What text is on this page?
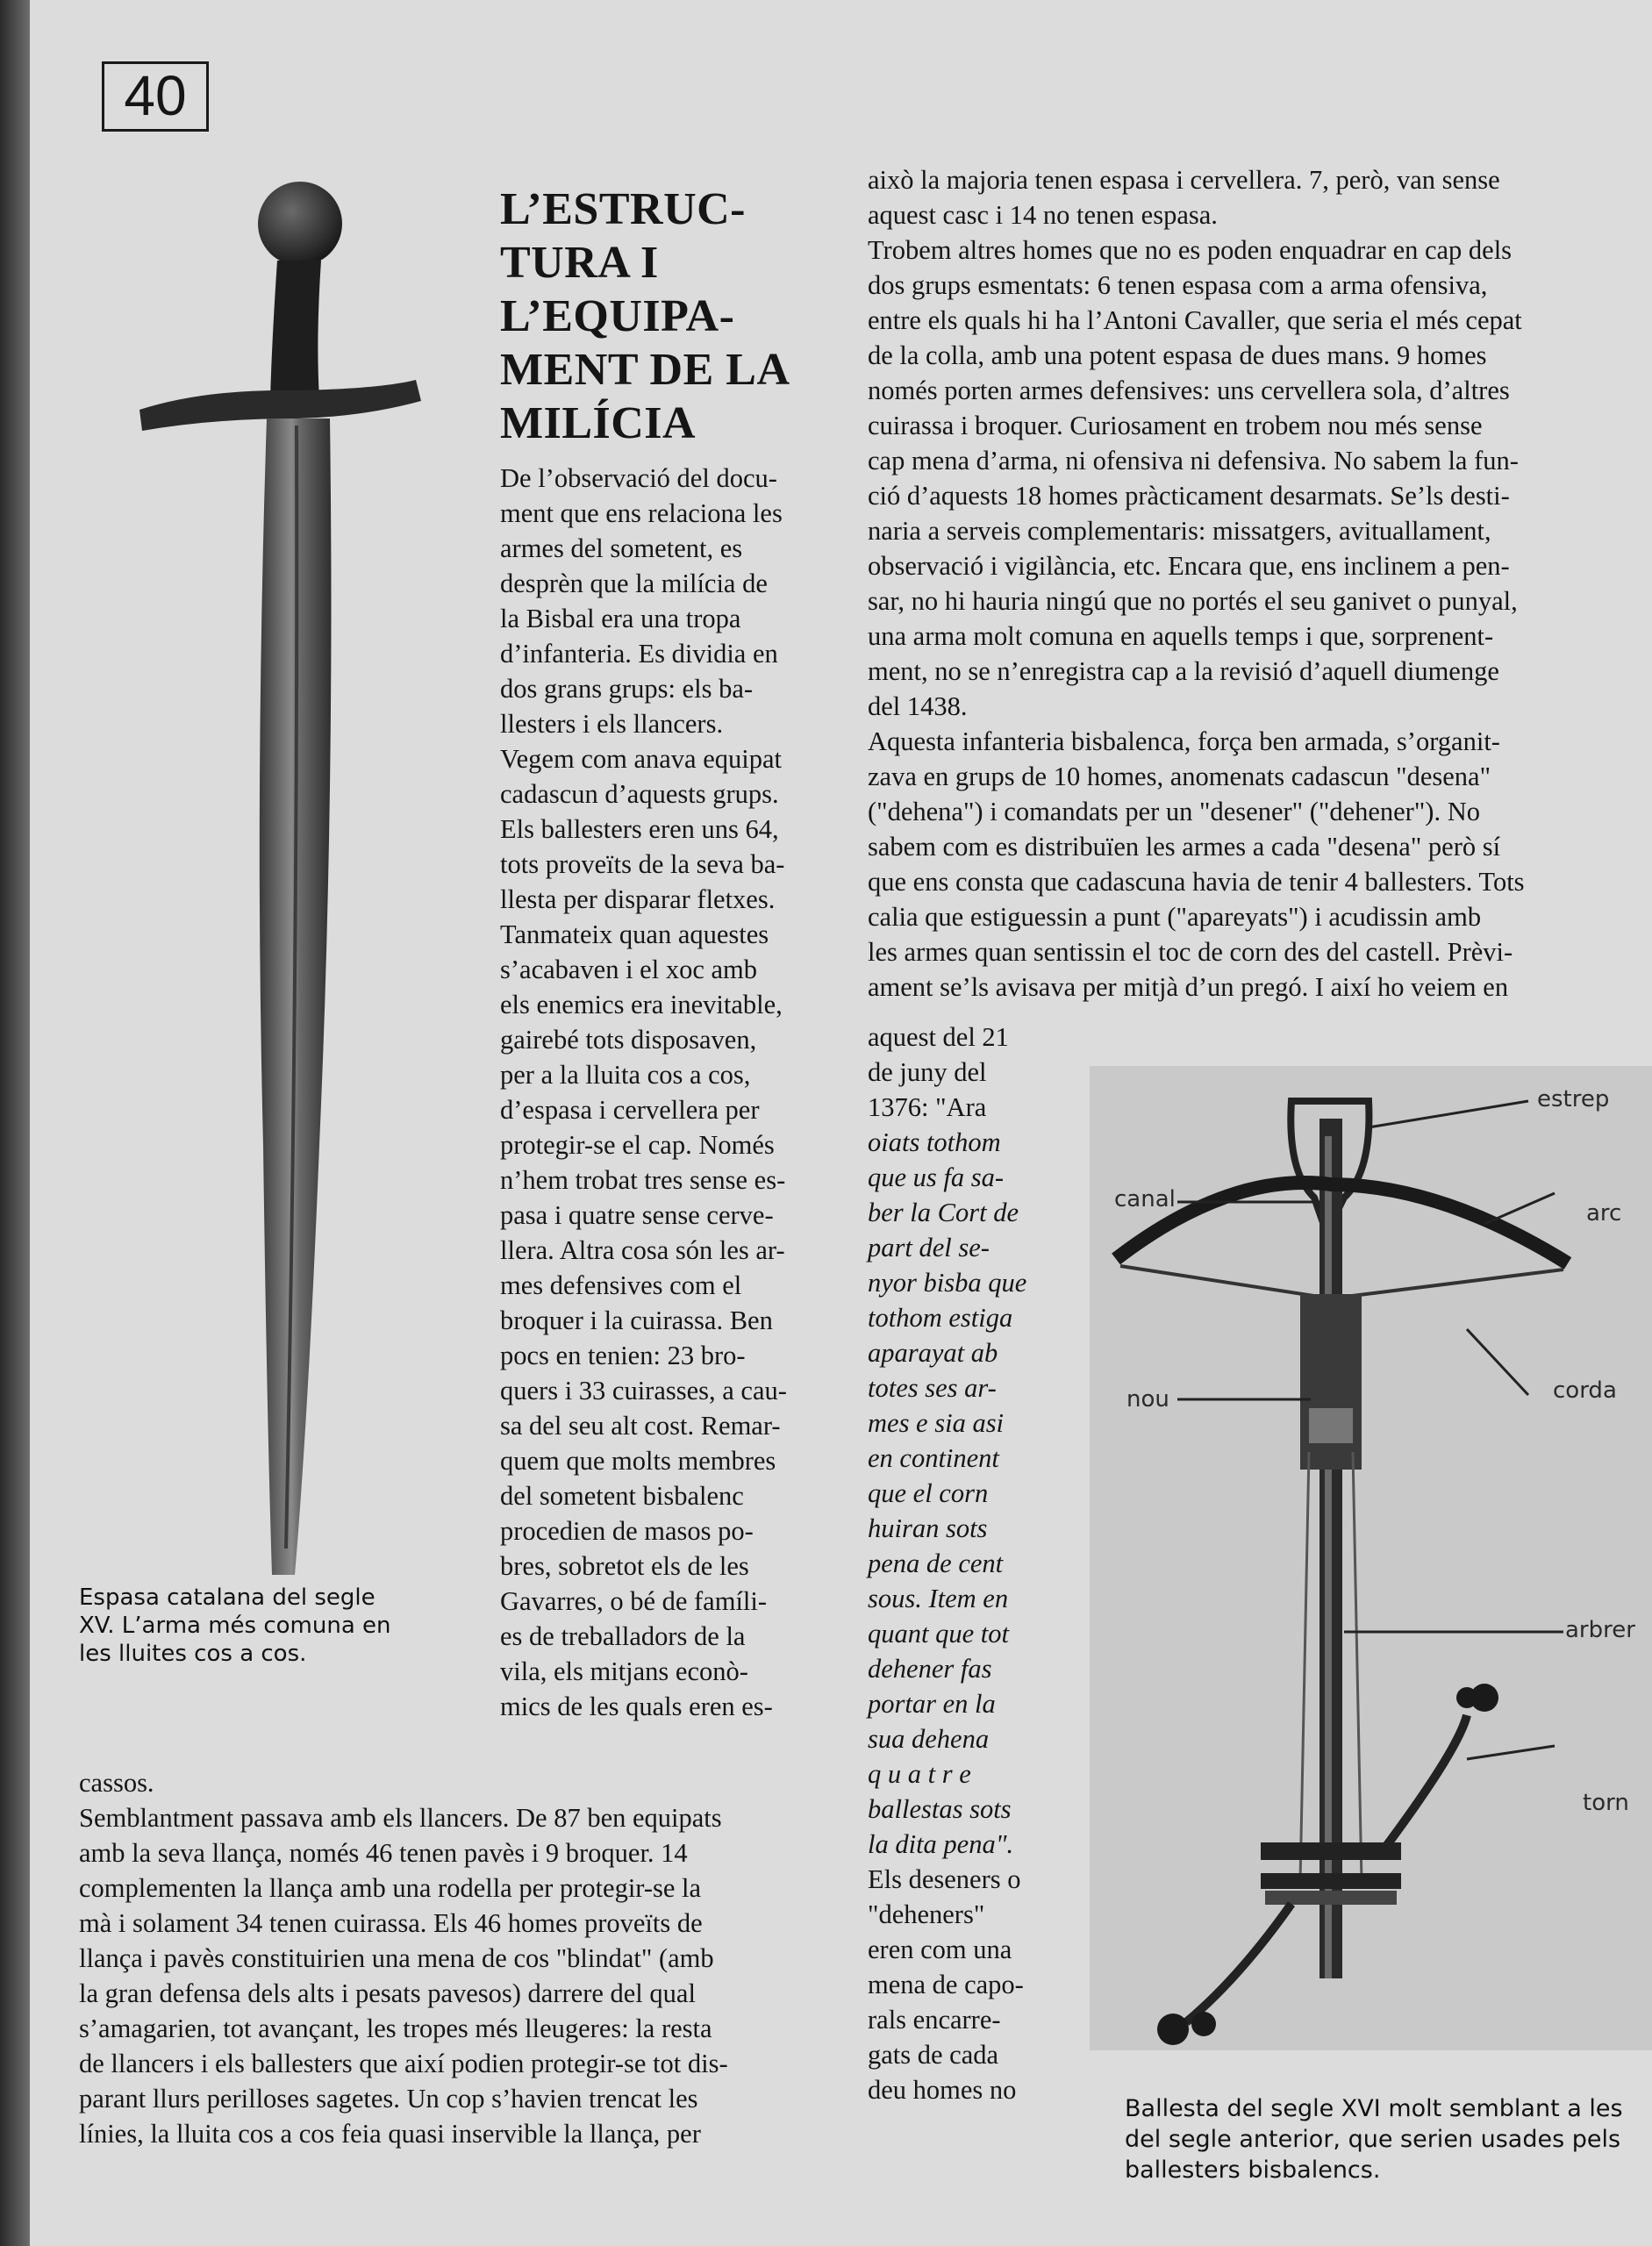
40
Espasa catalana del segle
XV. L’arma més comuna en
les lluites cos a cos.
L’ESTRUC-
TURA I
L’EQUIPA-
MENT DE LA
MILÍCIA
De l’observació del docu-
ment que ens relaciona les
armes del sometent, es
desprèn que la milícia de
la Bisbal era una tropa
d’infanteria. Es dividia en
dos grans grups: els ba-
llesters i els llancers.
Vegem com anava equipat
cadascun d’aquests grups.
Els ballesters eren uns 64,
tots proveïts de la seva ba-
llesta per disparar fletxes.
Tanmateix quan aquestes
s’acabaven i el xoc amb
els enemics era inevitable,
gairebé tots disposaven,
per a la lluita cos a cos,
d’espasa i cervellera per
protegir-se el cap. Només
n’hem trobat tres sense es-
pasa i quatre sense cerve-
llera. Altra cosa són les ar-
mes defensives com el
broquer i la cuirassa. Ben
pocs en tenien: 23 bro-
quers i 33 cuirasses, a cau-
sa del seu alt cost. Remar-
quem que molts membres
del sometent bisbalenc
procedien de masos po-
bres, sobretot els de les
Gavarres, o bé de famíli-
es de treballadors de la
vila, els mitjans econò-
mics de les quals eren es-
cassos.
Semblantment passava amb els llancers. De 87 ben equipats
amb la seva llança, només 46 tenen pavès i 9 broquer. 14
complementen la llança amb una rodella per protegir-se la
mà i solament 34 tenen cuirassa. Els 46 homes proveïts de
llança i pavès constituirien una mena de cos "blindat" (amb
la gran defensa dels alts i pesats pavesos) darrere del qual
s’amagarien, tot avançant, les tropes més lleugeres: la resta
de llancers i els ballesters que així podien protegir-se tot dis-
parant llurs perilloses sagetes. Un cop s’havien trencat les
línies, la lluita cos a cos feia quasi inservible la llança, per
això la majoria tenen espasa i cervellera. 7, però, van sense
aquest casc i 14 no tenen espasa.
Trobem altres homes que no es poden enquadrar en cap dels
dos grups esmentats: 6 tenen espasa com a arma ofensiva,
entre els quals hi ha l’Antoni Cavaller, que seria el més cepat
de la colla, amb una potent espasa de dues mans. 9 homes
només porten armes defensives: uns cervellera sola, d’altres
cuirassa i broquer. Curiosament en trobem nou més sense
cap mena d’arma, ni ofensiva ni defensiva. No sabem la fun-
ció d’aquests 18 homes pràcticament desarmats. Se’ls desti-
naria a serveis complementaris: missatgers, avituallament,
observació i vigilància, etc. Encara que, ens inclinem a pen-
sar, no hi hauria ningú que no portés el seu ganivet o punyal,
una arma molt comuna en aquells temps i que, sorprenent-
ment, no se n’enregistra cap a la revisió d’aquell diumenge
del 1438.
Aquesta infanteria bisbalenca, força ben armada, s’organit-
zava en grups de 10 homes, anomenats cadascun "desena"
("dehena") i comandats per un "desener" ("dehener"). No
sabem com es distribuïen les armes a cada "desena" però sí
que ens consta que cadascuna havia de tenir 4 ballesters. Tots
calia que estiguessin a punt ("apareyats") i acudissin amb
les armes quan sentissin el toc de corn des del castell. Prèvi-
ament se’ls avisava per mitjà d’un pregó. I així ho veiem en
aquest del 21
de juny del
1376: "Ara
oiats tothom
que us fa sa-
ber la Cort de
part del se-
nyor bisba que
tothom estiga
aparayat ab
totes ses ar-
mes e sia asi
en continent
que el corn
huiran sots
pena de cent
sous. Item en
quant que tot
dehener fas
portar en la
sua dehena
q u a t r e
ballestas sots
la dita pena".
Els deseners o
"deheners"
eren com una
mena de capo-
rals encarre-
gats de cada
deu homes no
estrep
canal
arc
nou	corda
arbrer
torn
Ballesta del segle XVI molt semblant a les
del segle anterior, que serien usades pels
ballesters bisbalencs.
